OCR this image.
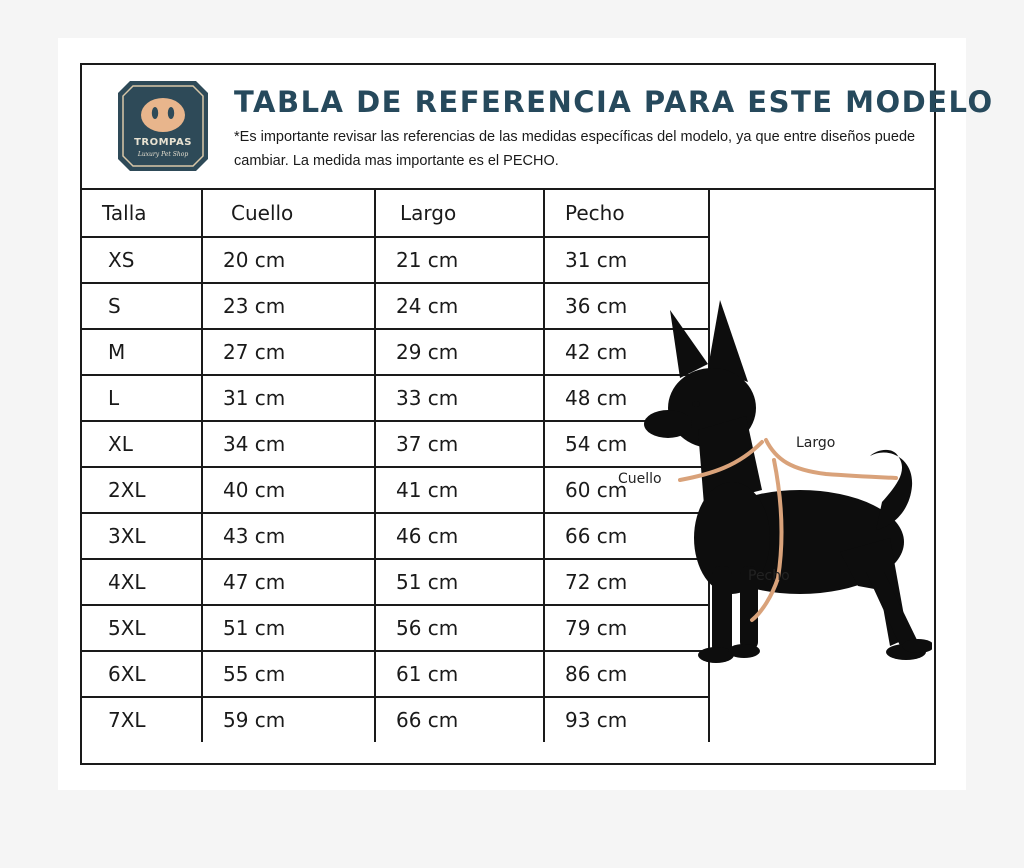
TROMPAS
Luxury Pet Shop
TABLA DE REFERENCIA PARA ESTE MODELO
*Es importante revisar las referencias de las medidas específicas del modelo, ya que entre diseños puede cambiar. La medida mas importante es el PECHO.
Talla	Cuello	Largo	Pecho
XS	20 cm	21 cm	31 cm
S	23 cm	24 cm	36 cm
M	27 cm	29 cm	42 cm
L	31 cm	33 cm	48 cm
XL	34 cm	37 cm	54 cm
2XL	40 cm	41 cm	60 cm
3XL	43 cm	46 cm	66 cm
4XL	47 cm	51 cm	72 cm
5XL	51 cm	56 cm	79 cm
6XL	55 cm	61 cm	86 cm
7XL	59 cm	66 cm	93 cm
Cuello
Largo
Pecho
